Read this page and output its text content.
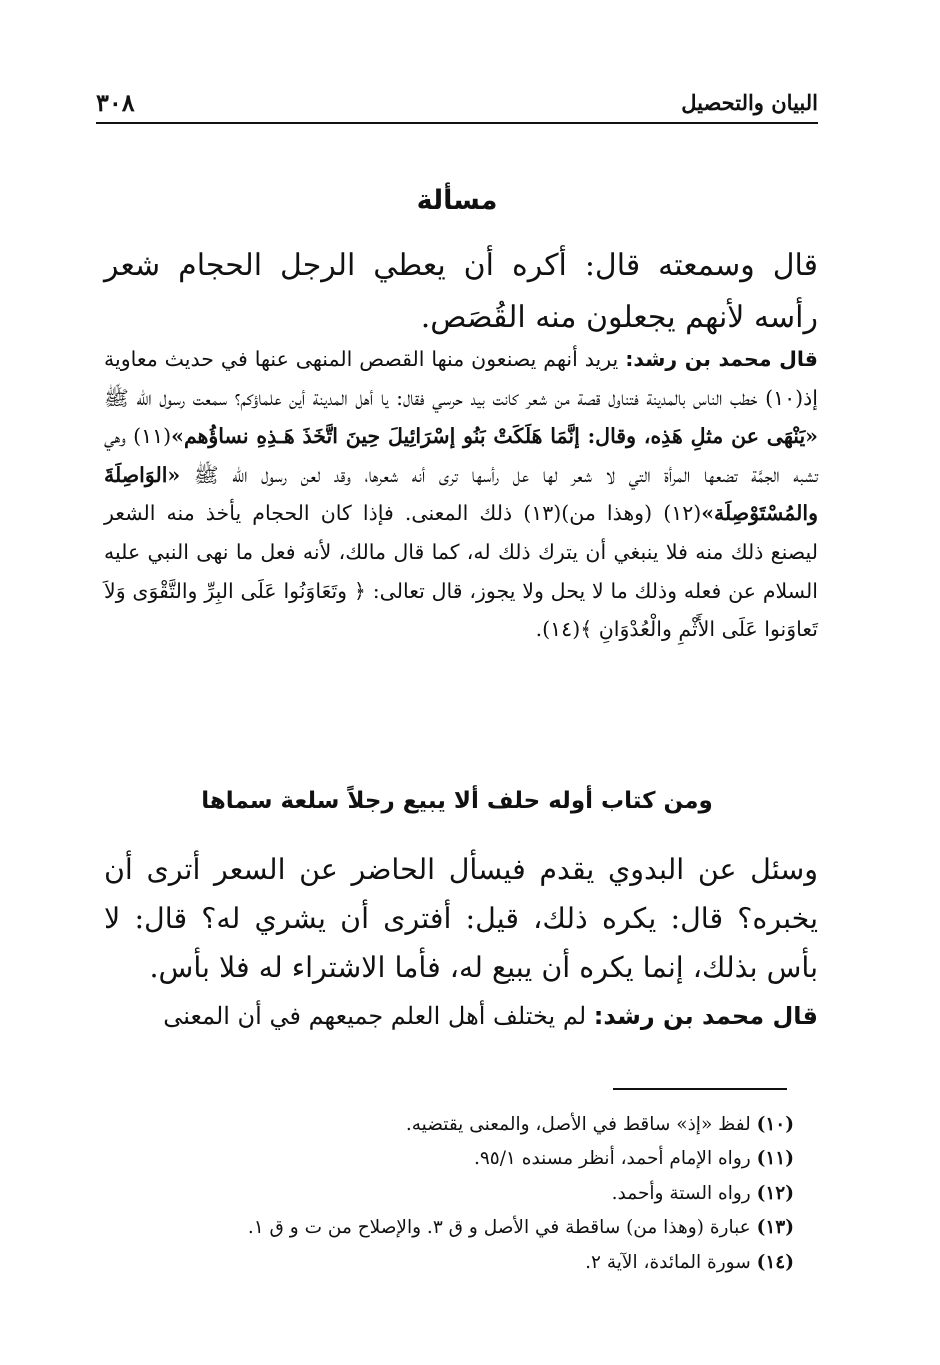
البيان والتحصيل
٣٠٨
مسألة

قال وسمعته قال: أكره أن يعطي الرجل الحجام شعر رأسه لأنهم يجعلون منه القُصَص.

قال محمد بن رشد: يريد أنهم يصنعون منها القصص المنهى عنها في حديث معاوية إذ(١٠) خطب الناس بالمدينة فتناول قصة من شعر كانت بيد حرسي فقال: يا أهل المدينة أين علماؤكم؟ سمعت رسول الله ﷺ «يَنْهَى عن مثلِ هَذِه، وقال: إنَّمَا هَلَكَتْ بَنُو إسْرَائِيلَ حِينَ اتَّخَذَ هَـذِهِ نساؤُهم»(١١) وهي تشبه الجمَّة تضعها المرأة التي لا شعر لها عل رأسها ترى أنه شعرها، وقد لعن رسول الله ﷺ «الوَاصِلَةَ والمُسْتَوْصِلَة»(١٢) (وهذا من)(١٣) ذلك المعنى. فإذا كان الحجام يأخذ منه الشعر ليصنع ذلك منه فلا ينبغي أن يترك ذلك له، كما قال مالك، لأنه فعل ما نهى النبي عليه السلام عن فعله وذلك ما لا يحل ولا يجوز، قال تعالى: ﴿ وتَعَاوَنُوا عَلَى البِرِّ والتَّقْوَى وَلاَ تَعاوَنوا عَلَى الأَثْمِ والْعُدْوَانِ ﴾(١٤).

ومن كتاب أوله حلف ألا يبيع رجلاً سلعة سماها

وسئل عن البدوي يقدم فيسأل الحاضر عن السعر أترى أن يخبره؟ قال: يكره ذلك، قيل: أفترى أن يشري له؟ قال: لا بأس بذلك، إنما يكره أن يبيع له، فأما الاشتراء له فلا بأس.

قال محمد بن رشد: لم يختلف أهل العلم جميعهم في أن المعنى

(١٠) لفظ «إذ» ساقط في الأصل، والمعنى يقتضيه.
(١١) رواه الإمام أحمد، أنظر مسنده ٩٥/١.
(١٢) رواه الستة وأحمد.
(١٣) عبارة (وهذا من) ساقطة في الأصل و ق ٣. والإصلاح من ت و ق ١.
(١٤) سورة المائدة، الآية ٢.
